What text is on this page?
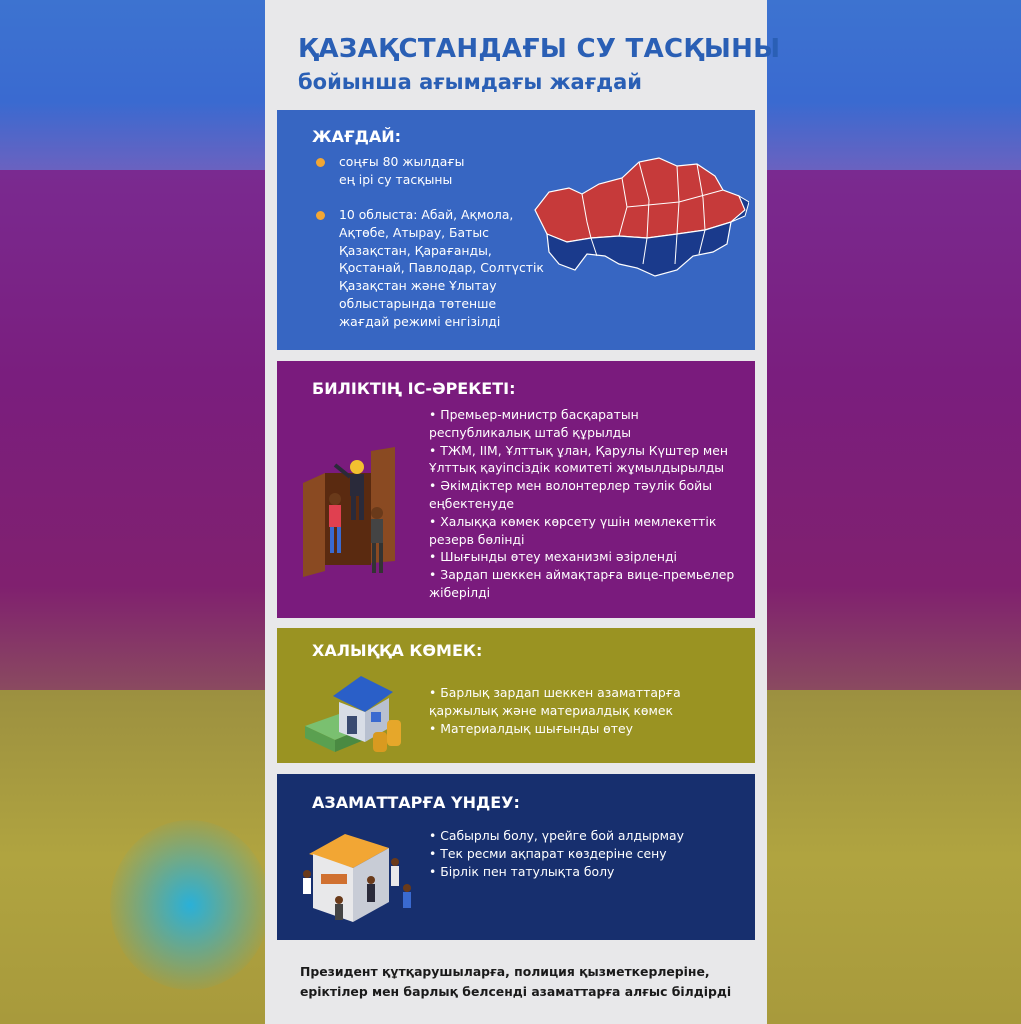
ҚАЗАҚСТАНДАҒЫ СУ ТАСҚЫНЫ
бойынша ағымдағы жағдай
ЖАҒДАЙ:
соңғы 80 жылдағы
ең ірі су тасқыны
10 облыста: Абай, Ақмола,
Ақтөбе, Атырау, Батыс
Қазақстан, Қарағанды,
Қостанай, Павлодар, Солтүстік
Қазақстан және Ұлытау
облыстарында төтенше
жағдай режимі енгізілді
БИЛІКТІҢ ІС-ӘРЕКЕТІ:
• Премьер-министр басқаратын
республикалық штаб құрылды
• ТЖМ, ІІМ, Ұлттық ұлан, Қарулы Күштер мен
Ұлттық қауіпсіздік комитеті жұмылдырылды
• Әкімдіктер мен волонтерлер тәулік бойы
еңбектенуде
• Халыққа көмек көрсету үшін мемлекеттік
резерв бөлінді
• Шығынды өтеу механизмі әзірленді
• Зардап шеккен аймақтарға вице-премьелер
жіберілді
ХАЛЫҚҚА КӨМЕК:
• Барлық зардап шеккен азаматтарға
қаржылық және материалдық көмек
• Материалдық шығынды өтеу
АЗАМАТТАРҒА ҮНДЕУ:
• Сабырлы болу, үрейге бой алдырмау
• Тек ресми ақпарат көздеріне сену
• Бірлік пен татулықта болу
Президент құтқарушыларға, полиция қызметкерлеріне,
еріктілер мен барлық белсенді азаматтарға алғыс білдірді
